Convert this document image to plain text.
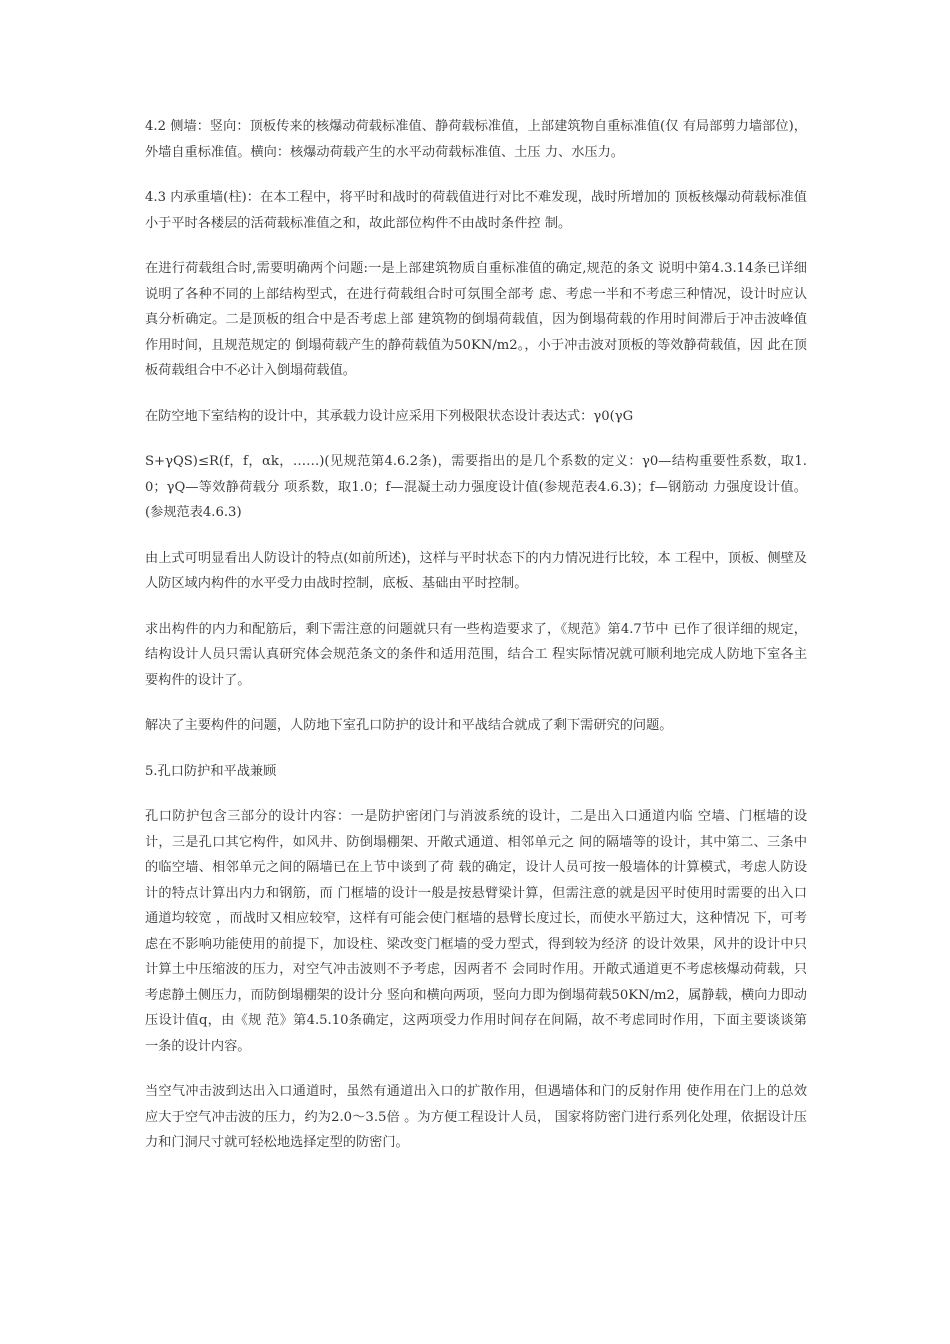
4.2 侧墙：竖向：顶板传来的核爆动荷载标准值、静荷载标准值，上部建筑物自重标准值(仅 有局部剪力墙部位)，外墙自重标准值。横向：核爆动荷载产生的水平动荷载标准值、土压 力、水压力。

4.3 内承重墙(柱)：在本工程中，将平时和战时的荷载值进行对比不难发现，战时所增加的 顶板核爆动荷载标准值小于平时各楼层的活荷载标准值之和，故此部位构件不由战时条件控 制。

在进行荷载组合时,需要明确两个问题:一是上部建筑物质自重标准值的确定,规范的条文 说明中第4.3.14条已详细说明了各种不同的上部结构型式，在进行荷载组合时可氛围全部考 虑、考虑一半和不考虑三种情况，设计时应认真分析确定。二是顶板的组合中是否考虑上部 建筑物的倒塌荷载值，因为倒塌荷载的作用时间滞后于冲击波峰值作用时间，且规范规定的 倒塌荷载产生的静荷载值为50KN/m2。，小于冲击波对顶板的等效静荷载值，因 此在顶板荷载组合中不必计入倒塌荷载值。

在防空地下室结构的设计中，其承载力设计应采用下列极限状态设计表达式：γ0(γG

S+γQS)≤R(f，f，αk，……)(见规范第4.6.2条)，需要指出的是几个系数的定义：γ0—结构重要性系数，取1.0；γQ—等效静荷载分 项系数，取1.0；f—混凝土动力强度设计值(参规范表4.6.3)；f—钢筋动 力强度设计值。(参规范表4.6.3)

由上式可明显看出人防设计的特点(如前所述)，这样与平时状态下的内力情况进行比较，本 工程中，顶板、侧壁及人防区域内构件的水平受力由战时控制，底板、基础由平时控制。

求出构件的内力和配筋后，剩下需注意的问题就只有一些构造要求了，《规范》第4.7节中 已作了很详细的规定，结构设计人员只需认真研究体会规范条文的条件和适用范围，结合工 程实际情况就可顺利地完成人防地下室各主要构件的设计了。

解决了主要构件的问题，人防地下室孔口防护的设计和平战结合就成了剩下需研究的问题。

5.孔口防护和平战兼顾

孔口防护包含三部分的设计内容：一是防护密闭门与消波系统的设计，二是出入口通道内临 空墙、门框墙的设计，三是孔口其它构件，如风井、防倒塌棚架、开敞式通道、相邻单元之 间的隔墙等的设计，其中第二、三条中的临空墙、相邻单元之间的隔墙已在上节中谈到了荷 载的确定，设计人员可按一般墙体的计算模式，考虑人防设计的特点计算出内力和钢筋，而 门框墙的设计一般是按悬臂梁计算，但需注意的就是因平时使用时需要的出入口通道均较宽 ，而战时又相应较窄，这样有可能会使门框墙的悬臂长度过长，而使水平筋过大，这种情况 下，可考虑在不影响功能使用的前提下，加设柱、梁改变门框墙的受力型式，得到较为经济 的设计效果，风井的设计中只计算土中压缩波的压力，对空气冲击波则不予考虑，因两者不 会同时作用。开敞式通道更不考虑核爆动荷载，只考虑静土侧压力，而防倒塌棚架的设计分 竖向和横向两项，竖向力即为倒塌荷载50KN/m2，属静载，横向力即动压设计值q，由《规 范》第4.5.10条确定，这两项受力作用时间存在间隔，故不考虑同时作用，下面主要谈谈第 一条的设计内容。

当空气冲击波到达出入口通道时，虽然有通道出入口的扩散作用，但遇墙体和门的反射作用 使作用在门上的总效应大于空气冲击波的压力，约为2.0～3.5倍 。为方便工程设计人员， 国家将防密门进行系列化处理，依据设计压力和门洞尺寸就可轻松地选择定型的防密门。
